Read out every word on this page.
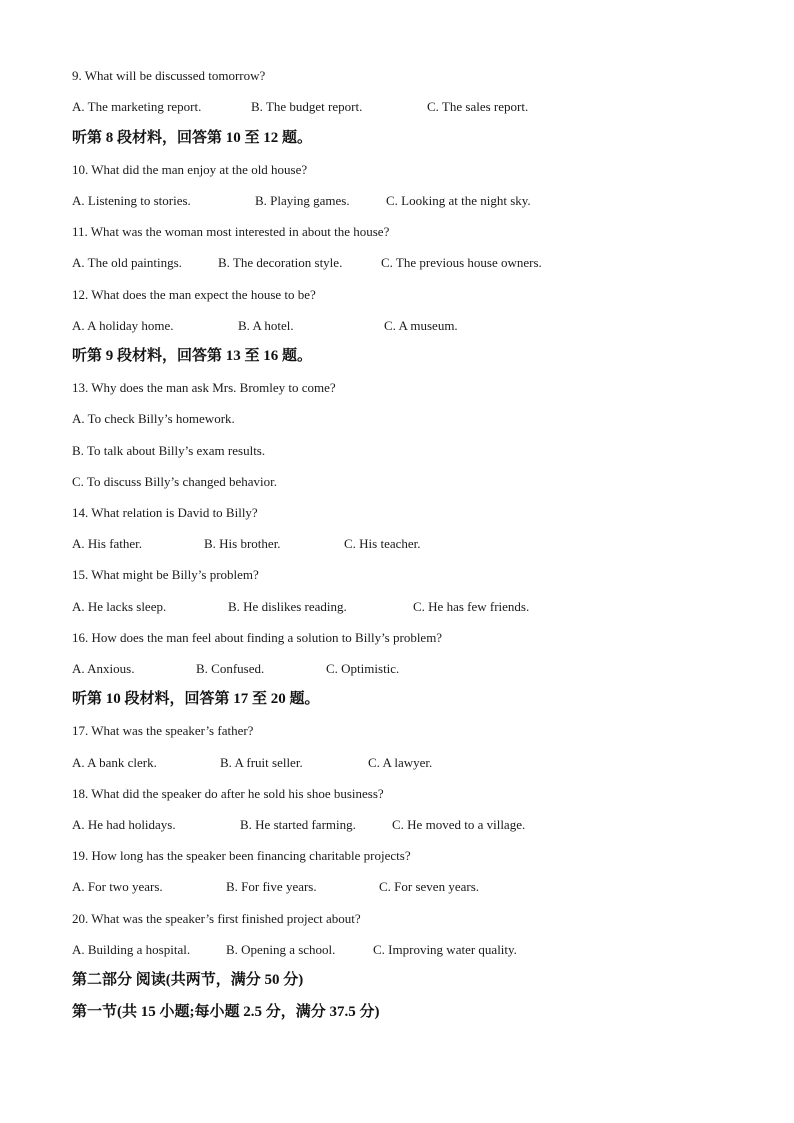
9. What will be discussed tomorrow?
A. The marketing report.	B. The budget report.	C. The sales report.
听第 8 段材料，回答第 10 至 12 题。
10. What did the man enjoy at the old house?
A. Listening to stories.	B. Playing games.	C. Looking at the night sky.
11. What was the woman most interested in about the house?
A. The old paintings.	B. The decoration style.	C. The previous house owners.
12. What does the man expect the house to be?
A. A holiday home.	B. A hotel.	C. A museum.
听第 9 段材料，回答第 13 至 16 题。
13. Why does the man ask Mrs. Bromley to come?
A. To check Billy’s homework.
B. To talk about Billy’s exam results.
C. To discuss Billy’s changed behavior.
14. What relation is David to Billy?
A. His father.	B. His brother.	C. His teacher.
15. What might be Billy’s problem?
A. He lacks sleep.	B. He dislikes reading.	C. He has few friends.
16. How does the man feel about finding a solution to Billy’s problem?
A. Anxious.	B. Confused.	C. Optimistic.
听第 10 段材料，回答第 17 至 20 题。
17. What was the speaker’s father?
A. A bank clerk.	B. A fruit seller.	C. A lawyer.
18. What did the speaker do after he sold his shoe business?
A. He had holidays.	B. He started farming.	C. He moved to a village.
19. How long has the speaker been financing charitable projects?
A. For two years.	B. For five years.	C. For seven years.
20. What was the speaker’s first finished project about?
A. Building a hospital.	B. Opening a school.	C. Improving water quality.
第二部分 阅读(共两节，满分 50 分)
第一节(共 15 小题;每小题 2.5 分，满分 37.5 分)
